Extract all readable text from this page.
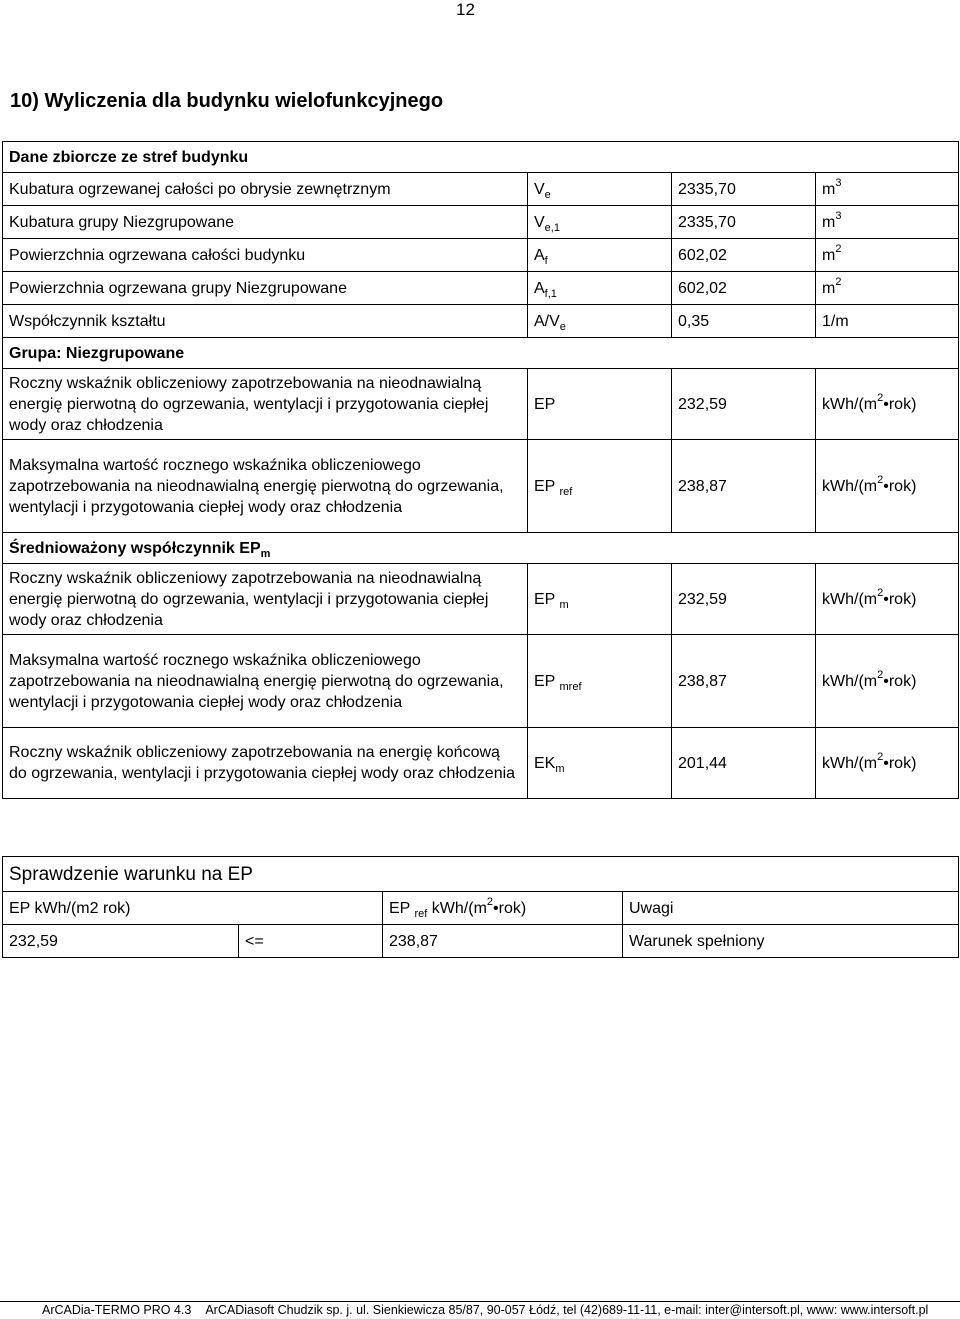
12
10) Wyliczenia dla budynku wielofunkcyjnego
Dane zbiorcze ze stref budynku			
Kubatura ogrzewanej całości po obrysie zewnętrznym	$V_e$	2335,70	$m^3$
Kubatura grupy Niezgrupowane	$V_{e,1}$	2335,70	$m^3$
Powierzchnia ogrzewana całości budynku	$A_f$	602,02	$m^2$
Powierzchnia ogrzewana grupy Niezgrupowane	$A_{f,1}$	602,02	$m^2$
Współczynnik kształtu	$A/V_e$	0,35	1/m
Grupa: Niezgrupowane			
Roczny wskaźnik obliczeniowy zapotrzebowania na nieodnawialną energię pierwotną do ogrzewania, wentylacji i przygotowania ciepłej wody oraz chłodzenia	EP	232,59	kWh/$(m^2•rok)$
Maksymalna wartość rocznego wskaźnika obliczeniowego zapotrzebowania na nieodnawialną energię pierwotną do ogrzewania, wentylacji i przygotowania ciepłej wody oraz chłodzenia	EP $_{ref}$	238,87	kWh/$(m^2•rok)$
Średnioważony współczynnik $EP_m$
Roczny wskaźnik obliczeniowy zapotrzebowania na nieodnawialną energię pierwotną do ogrzewania, wentylacji i przygotowania ciepłej wody oraz chłodzenia	EP $_m$	232,59	kWh/$(m^2•rok)$
Maksymalna wartość rocznego wskaźnika obliczeniowego zapotrzebowania na nieodnawialną energię pierwotną do ogrzewania, wentylacji i przygotowania ciepłej wody oraz chłodzenia	EP $_{mref}$	238,87	kWh/$(m^2•rok)$
Roczny wskaźnik obliczeniowy zapotrzebowania na energię końcową do ogrzewania, wentylacji i przygotowania ciepłej wody oraz chłodzenia	$EK_m$	201,44	kWh/$(m^2•rok)$
Sprawdzenie warunku na EP			
EP kWh/(m2 rok)		EP $_{ref}$ kWh/$(m^2•rok)$	Uwagi
232,59	<=	238,87	Warunek spełniony
ArCADia-TERMO PRO 4.3 ArCADiasoft Chudzik sp. j. ul. Sienkiewicza 85/87, 90-057 Łódź, tel (42)689-11-11, e-mail: inter@intersoft.pl, www: www.intersoft.pl
